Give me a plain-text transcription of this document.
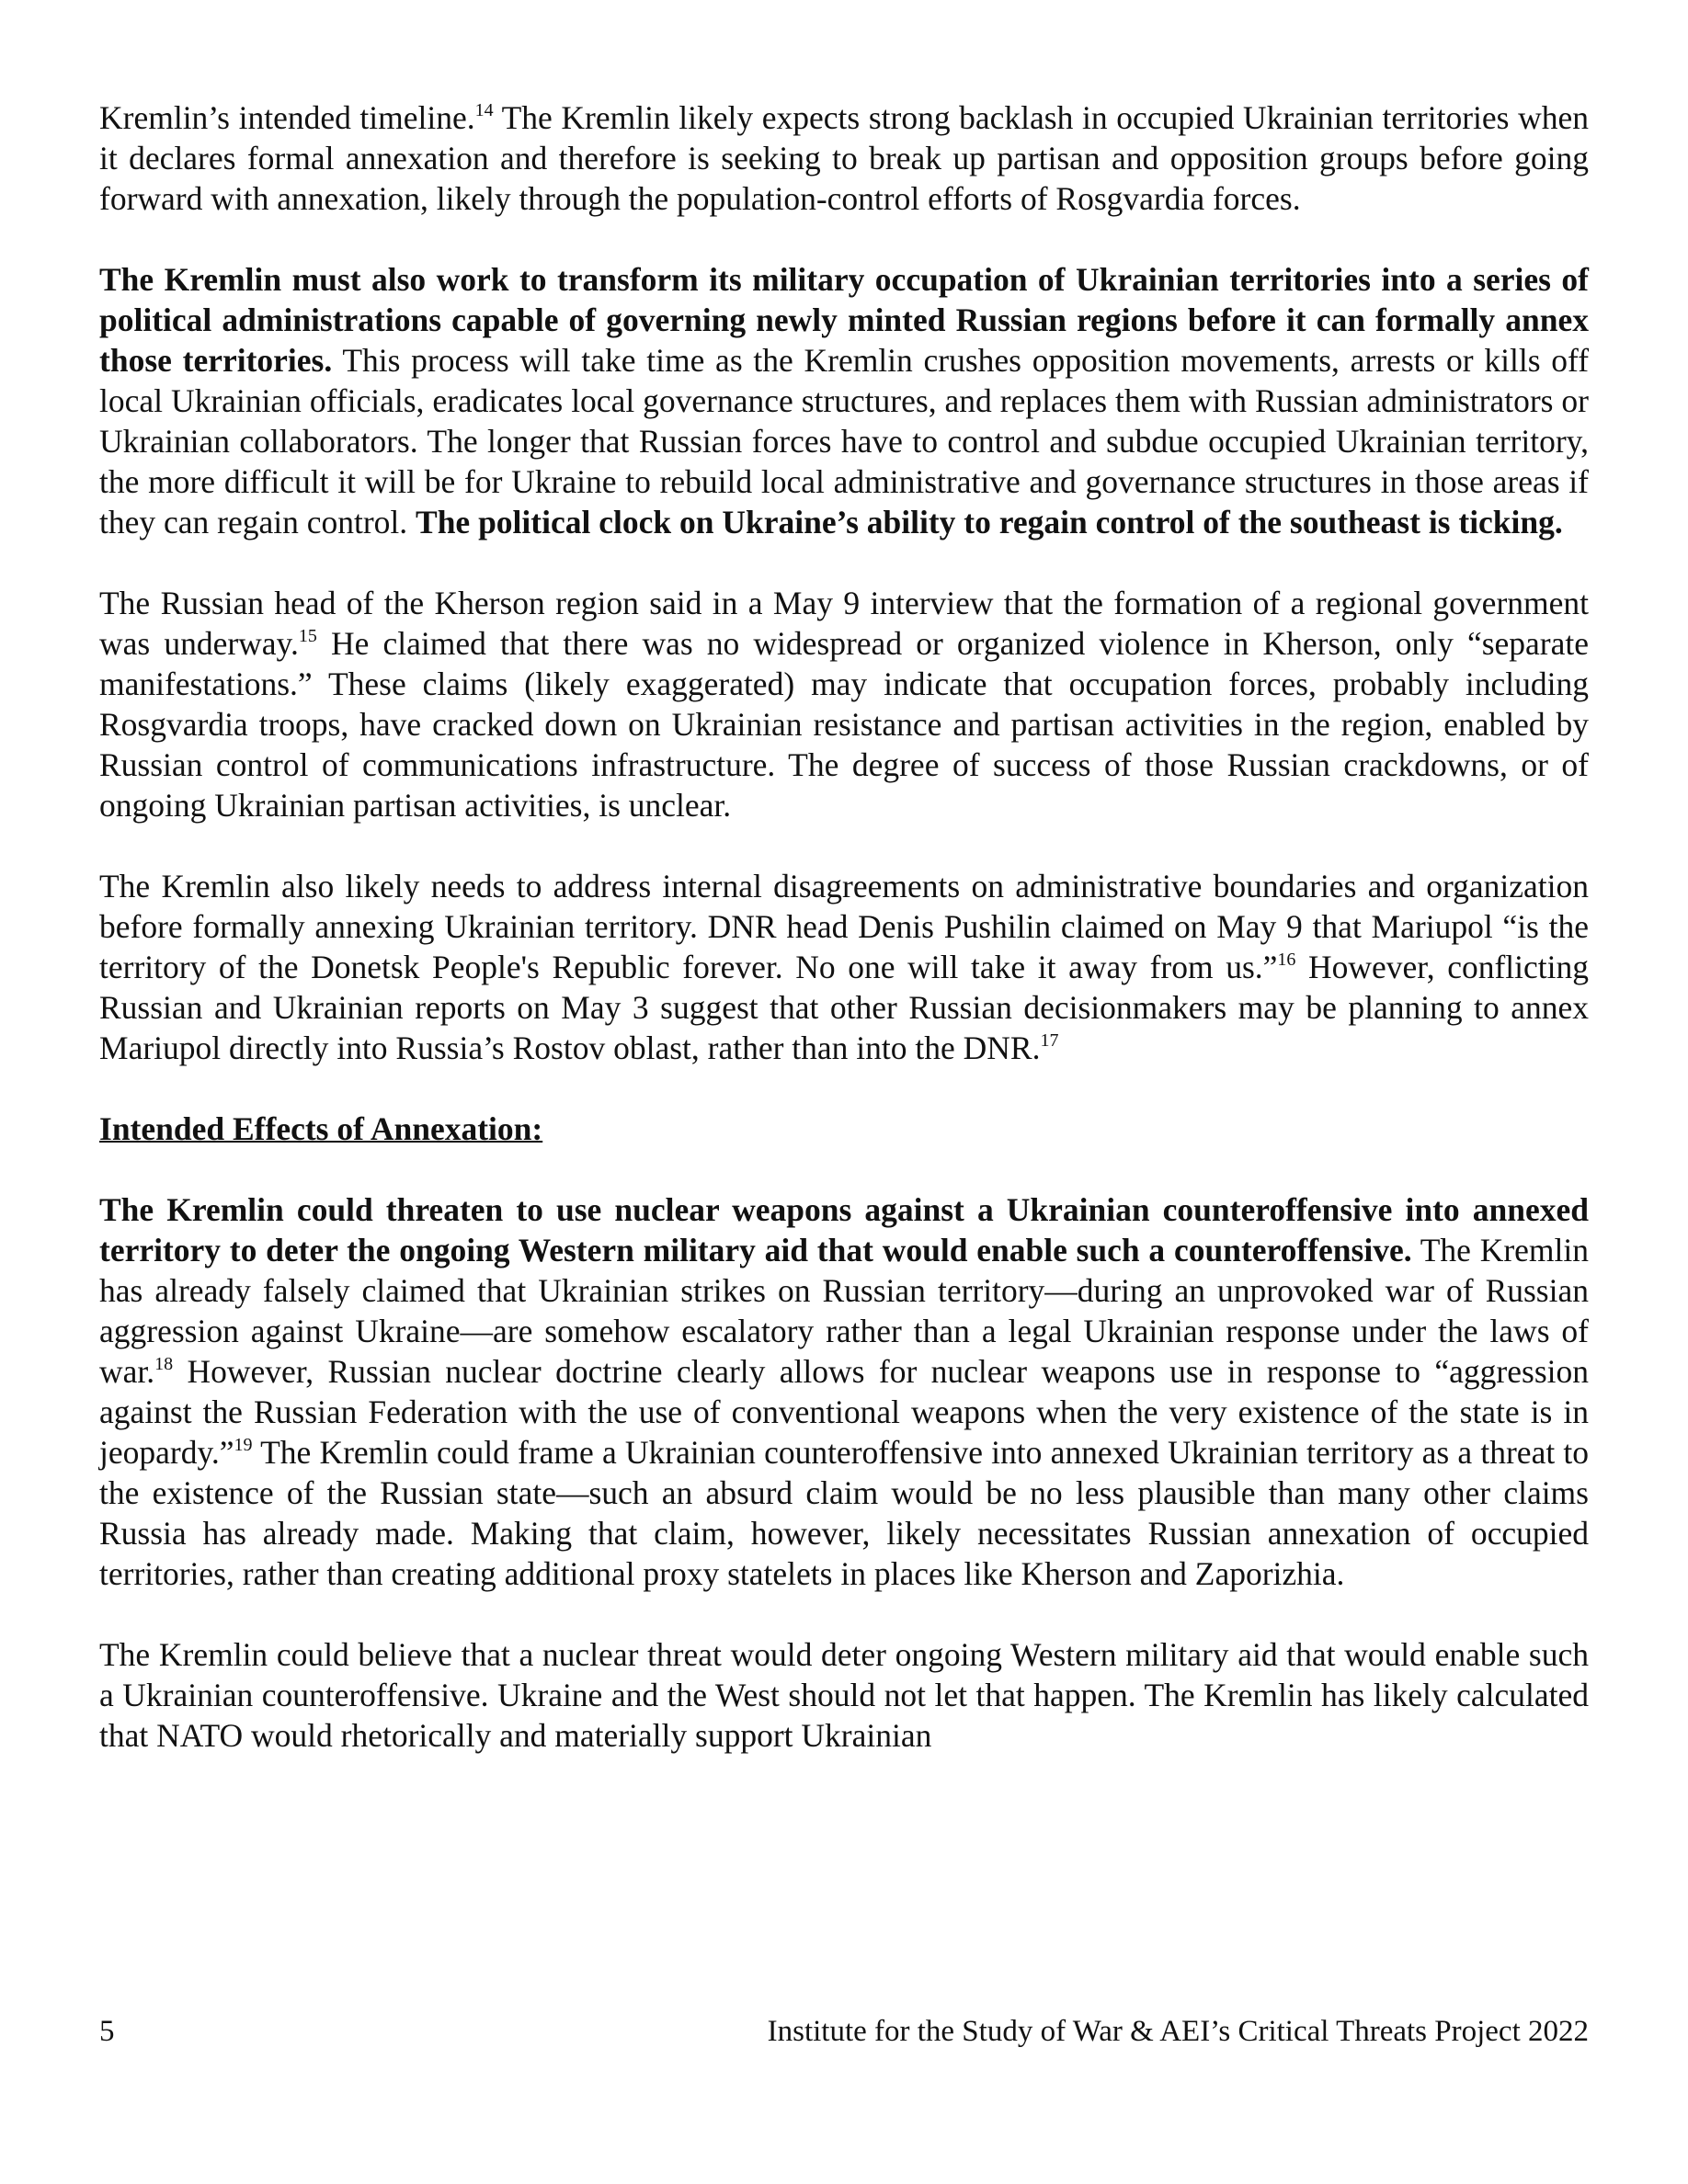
Kremlin’s intended timeline.$^{14}$ The Kremlin likely expects strong backlash in occupied Ukrainian territories when it declares formal annexation and therefore is seeking to break up partisan and opposition groups before going forward with annexation, likely through the population-control efforts of Rosgvardia forces.

The Kremlin must also work to transform its military occupation of Ukrainian territories into a series of political administrations capable of governing newly minted Russian regions before it can formally annex those territories. This process will take time as the Kremlin crushes opposition movements, arrests or kills off local Ukrainian officials, eradicates local governance structures, and replaces them with Russian administrators or Ukrainian collaborators. The longer that Russian forces have to control and subdue occupied Ukrainian territory, the more difficult it will be for Ukraine to rebuild local administrative and governance structures in those areas if they can regain control. The political clock on Ukraine’s ability to regain control of the southeast is ticking.

The Russian head of the Kherson region said in a May 9 interview that the formation of a regional government was underway.$^{15}$ He claimed that there was no widespread or organized violence in Kherson, only “separate manifestations.” These claims (likely exaggerated) may indicate that occupation forces, probably including Rosgvardia troops, have cracked down on Ukrainian resistance and partisan activities in the region, enabled by Russian control of communications infrastructure. The degree of success of those Russian crackdowns, or of ongoing Ukrainian partisan activities, is unclear.

The Kremlin also likely needs to address internal disagreements on administrative boundaries and organization before formally annexing Ukrainian territory. DNR head Denis Pushilin claimed on May 9 that Mariupol “is the territory of the Donetsk People's Republic forever. No one will take it away from us.”$^{16}$ However, conflicting Russian and Ukrainian reports on May 3 suggest that other Russian decisionmakers may be planning to annex Mariupol directly into Russia’s Rostov oblast, rather than into the DNR.$^{17}$

Intended Effects of Annexation:

The Kremlin could threaten to use nuclear weapons against a Ukrainian counteroffensive into annexed territory to deter the ongoing Western military aid that would enable such a counteroffensive. The Kremlin has already falsely claimed that Ukrainian strikes on Russian territory—during an unprovoked war of Russian aggression against Ukraine—are somehow escalatory rather than a legal Ukrainian response under the laws of war.$^{18}$ However, Russian nuclear doctrine clearly allows for nuclear weapons use in response to “aggression against the Russian Federation with the use of conventional weapons when the very existence of the state is in jeopardy.”$^{19}$ The Kremlin could frame a Ukrainian counteroffensive into annexed Ukrainian territory as a threat to the existence of the Russian state—such an absurd claim would be no less plausible than many other claims Russia has already made. Making that claim, however, likely necessitates Russian annexation of occupied territories, rather than creating additional proxy statelets in places like Kherson and Zaporizhia.

The Kremlin could believe that a nuclear threat would deter ongoing Western military aid that would enable such a Ukrainian counteroffensive. Ukraine and the West should not let that happen. The Kremlin has likely calculated that NATO would rhetorically and materially support Ukrainian

5	Institute for the Study of War & AEI’s Critical Threats Project 2022
